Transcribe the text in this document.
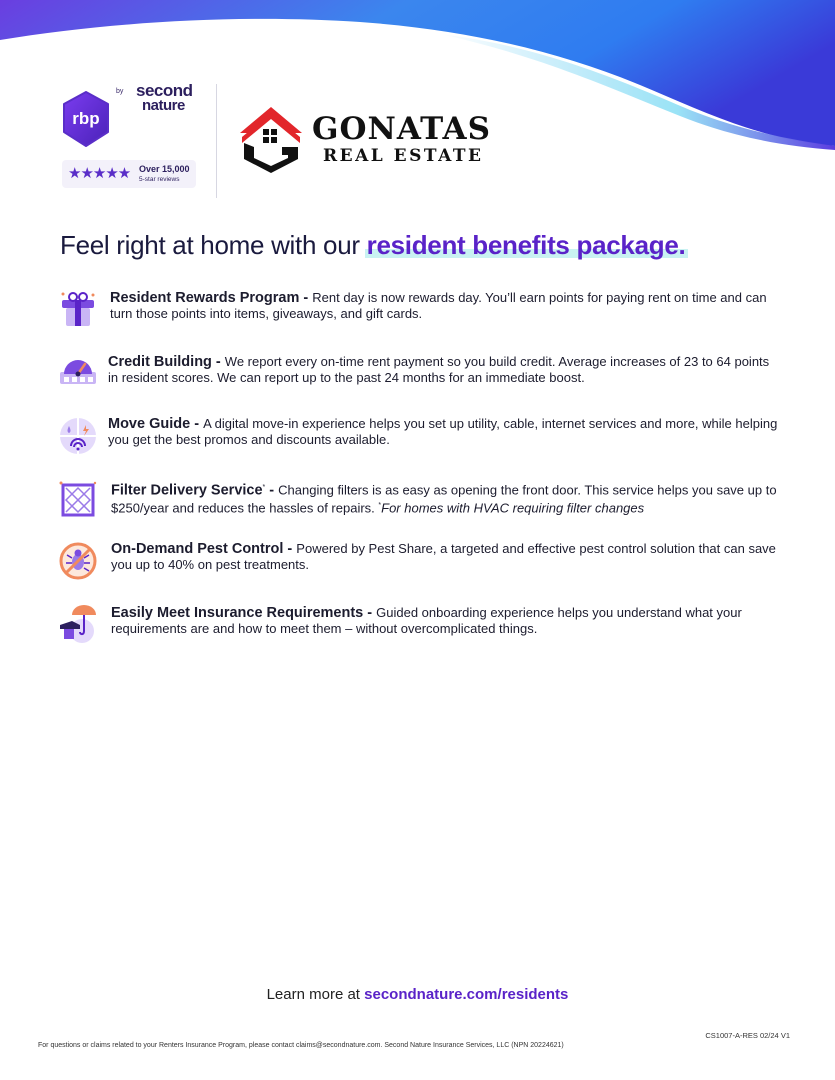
rbp
by second
nature
★★★★★ Over 15,000
5-star reviews
GONATAS
REAL ESTATE
Feel right at home with our resident benefits package.
Resident Rewards Program - Rent day is now rewards day. You’ll earn points for paying rent on time and can turn those points into items, giveaways, and gift cards.
Credit Building - We report every on-time rent payment so you build credit. Average increases of 23 to 64 points in resident scores. We can report up to the past 24 months for an immediate boost.
Move Guide - A digital move-in experience helps you set up utility, cable, internet services and more, while helping you get the best promos and discounts available.
Filter Delivery Service* - Changing filters is as easy as opening the front door. This service helps you save up to $250/year and reduces the hassles of repairs. *For homes with HVAC requiring filter changes
On-Demand Pest Control - Powered by Pest Share, a targeted and effective pest control solution that can save you up to 40% on pest treatments.
Easily Meet Insurance Requirements - Guided onboarding experience helps you understand what your requirements are and how to meet them – without overcomplicated things.
Learn more at secondnature.com/residents
CS1007-A-RES 02/24 V1
For questions or claims related to your Renters Insurance Program, please contact claims@secondnature.com. Second Nature Insurance Services, LLC (NPN 20224621)
